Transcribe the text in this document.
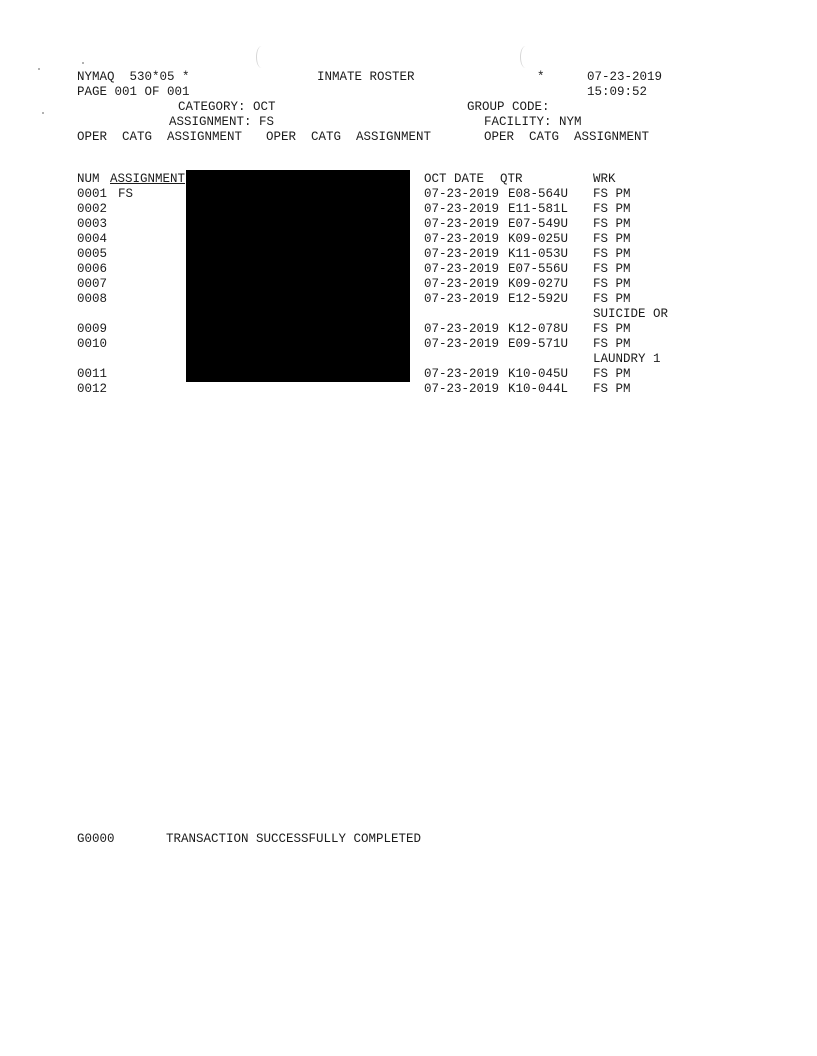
NYMAQ  530*05 *	INMATE ROSTER	*	07-23-2019
PAGE 001 OF 001	15:09:52
CATEGORY: OCT	GROUP CODE:
ASSIGNMENT: FS	FACILITY: NYM
OPER  CATG  ASSIGNMENT OPER  CATG  ASSIGNMENT	OPER  CATG  ASSIGNMENT
NUM ASSIGNMENT	OCT DATE QTR	WRK
0001 FS	07-23-2019 E08-564U FS PM
0002	07-23-2019 E11-581L FS PM
0003	07-23-2019 E07-549U FS PM
0004	07-23-2019 K09-025U FS PM
0005	07-23-2019 K11-053U FS PM
0006	07-23-2019 E07-556U FS PM
0007	07-23-2019 K09-027U FS PM
0008	07-23-2019 E12-592U FS PM
SUICIDE OR
0009	07-23-2019 K12-078U FS PM
0010	07-23-2019 E09-571U FS PM
LAUNDRY 1
0011	07-23-2019 K10-045U FS PM
0012	07-23-2019 K10-044L FS PM
G0000	TRANSACTION SUCCESSFULLY COMPLETED
